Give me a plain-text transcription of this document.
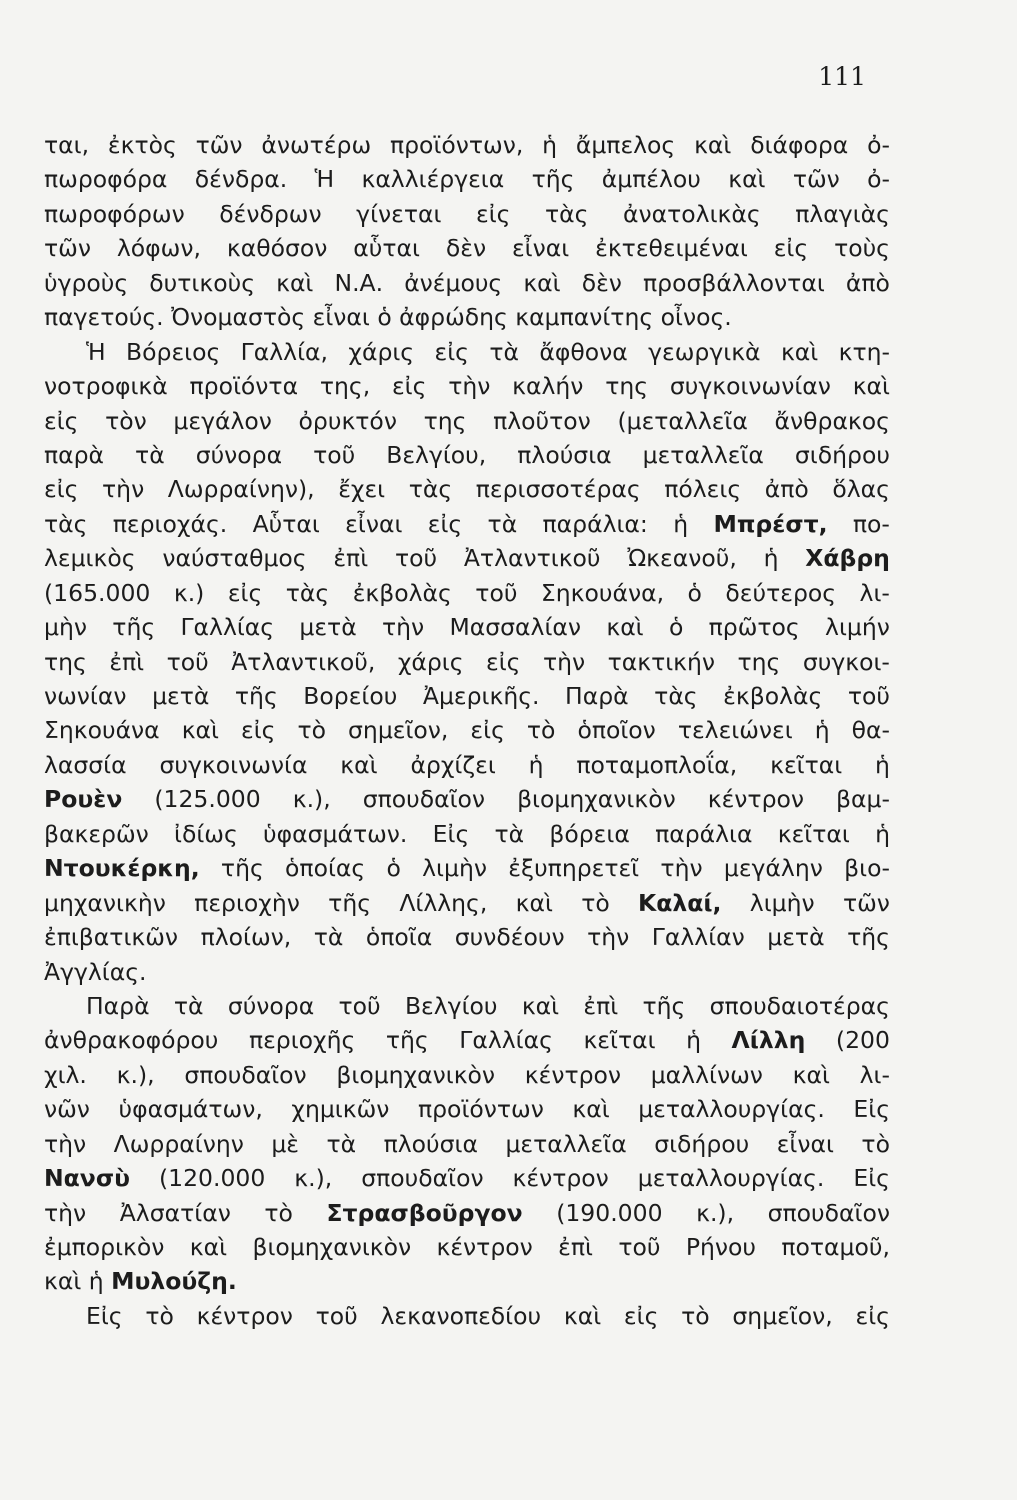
111
ται, ἐκτὸς τῶν ἀνωτέρω προϊόντων, ἡ ἄμπελος καὶ διάφορα ὀ-
πωροφόρα δένδρα. Ἡ καλλιέργεια τῆς ἀμπέλου καὶ τῶν ὀ-
πωροφόρων δένδρων γίνεται εἰς τὰς ἀνατολικὰς πλαγιὰς
τῶν λόφων, καθόσον αὗται δὲν εἶναι ἐκτεθειμέναι εἰς τοὺς
ὑγροὺς δυτικοὺς καὶ Ν.Α. ἀνέμους καὶ δὲν προσβάλλονται ἀπὸ
παγετούς. Ὀνομαστὸς εἶναι ὁ ἀφρώδης καμπανίτης οἶνος.
Ἡ Βόρειος Γαλλία, χάρις εἰς τὰ ἄφθονα γεωργικὰ καὶ κτη-
νοτροφικὰ προϊόντα της, εἰς τὴν καλήν της συγκοινωνίαν καὶ
εἰς τὸν μεγάλον ὀρυκτόν της πλοῦτον (μεταλλεῖα ἄνθρακος
παρὰ τὰ σύνορα τοῦ Βελγίου, πλούσια μεταλλεῖα σιδήρου
εἰς τὴν Λωρραίνην), ἔχει τὰς περισσοτέρας πόλεις ἀπὸ ὅλας
τὰς περιοχάς. Αὗται εἶναι εἰς τὰ παράλια: ἡ Μπρέστ, πο-
λεμικὸς ναύσταθμος ἐπὶ τοῦ Ἀτλαντικοῦ Ὠκεανοῦ, ἡ Χάβρη
(165.000 κ.) εἰς τὰς ἐκβολὰς τοῦ Σηκουάνα, ὁ δεύτερος λι-
μὴν τῆς Γαλλίας μετὰ τὴν Μασσαλίαν καὶ ὁ πρῶτος λιμήν
της ἐπὶ τοῦ Ἀτλαντικοῦ, χάρις εἰς τὴν τακτικήν της συγκοι-
νωνίαν μετὰ τῆς Βορείου Ἀμερικῆς. Παρὰ τὰς ἐκβολὰς τοῦ
Σηκουάνα καὶ εἰς τὸ σημεῖον, εἰς τὸ ὁποῖον τελειώνει ἡ θα-
λασσία συγκοινωνία καὶ ἀρχίζει ἡ ποταμοπλοΐα, κεῖται ἡ
Ρουὲν (125.000 κ.), σπουδαῖον βιομηχανικὸν κέντρον βαμ-
βακερῶν ἰδίως ὑφασμάτων. Εἰς τὰ βόρεια παράλια κεῖται ἡ
Ντουκέρκη, τῆς ὁποίας ὁ λιμὴν ἐξυπηρετεῖ τὴν μεγάλην βιο-
μηχανικὴν περιοχὴν τῆς Λίλλης, καὶ τὸ Καλαί, λιμὴν τῶν
ἐπιβατικῶν πλοίων, τὰ ὁποῖα συνδέουν τὴν Γαλλίαν μετὰ τῆς
Ἀγγλίας.
Παρὰ τὰ σύνορα τοῦ Βελγίου καὶ ἐπὶ τῆς σπουδαιοτέρας
ἀνθρακοφόρου περιοχῆς τῆς Γαλλίας κεῖται ἡ Λίλλη (200
χιλ. κ.), σπουδαῖον βιομηχανικὸν κέντρον μαλλίνων καὶ λι-
νῶν ὑφασμάτων, χημικῶν προϊόντων καὶ μεταλλουργίας. Εἰς
τὴν Λωρραίνην μὲ τὰ πλούσια μεταλλεῖα σιδήρου εἶναι τὸ
Νανσὺ (120.000 κ.), σπουδαῖον κέντρον μεταλλουργίας. Εἰς
τὴν Ἀλσατίαν τὸ Στρασβοῦργον (190.000 κ.), σπουδαῖον
ἐμπορικὸν καὶ βιομηχανικὸν κέντρον ἐπὶ τοῦ Ρήνου ποταμοῦ,
καὶ ἡ Μυλούζη.
Εἰς τὸ κέντρον τοῦ λεκανοπεδίου καὶ εἰς τὸ σημεῖον, εἰς
